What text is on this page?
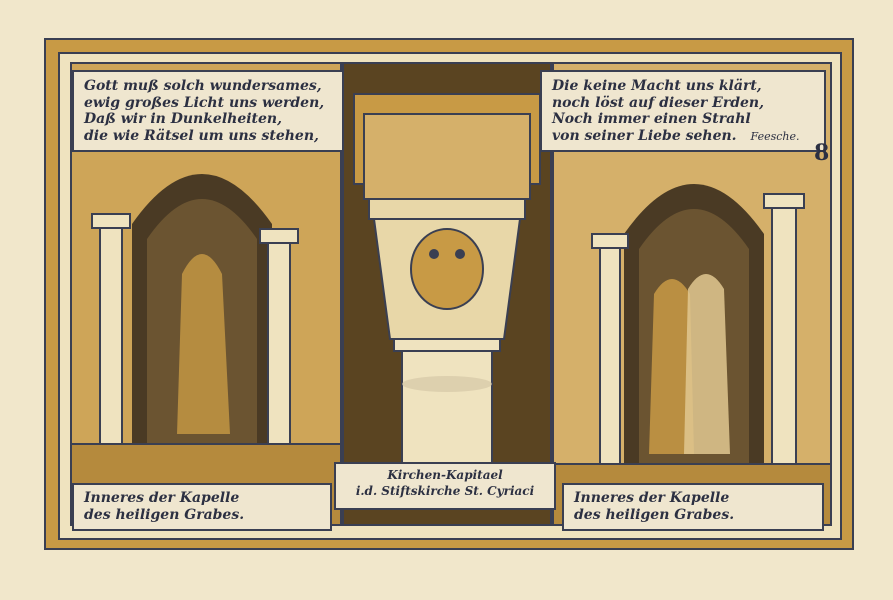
Gott muß solch wundersames,
ewig großes Licht uns werden,
Daß wir in Dunkelheiten,
die wie Rätsel um uns stehen,
Die keine Macht uns klärt,
noch löst auf dieser Erden,
Noch immer einen Strahl
von seiner Liebe sehen. Feesche.
8
Inneres der Kapelle
des heiligen Grabes.
Kirchen-Kapitael
i.d. Stiftskirche St. Cyriaci	Inneres der Kapelle
des heiligen Grabes.
